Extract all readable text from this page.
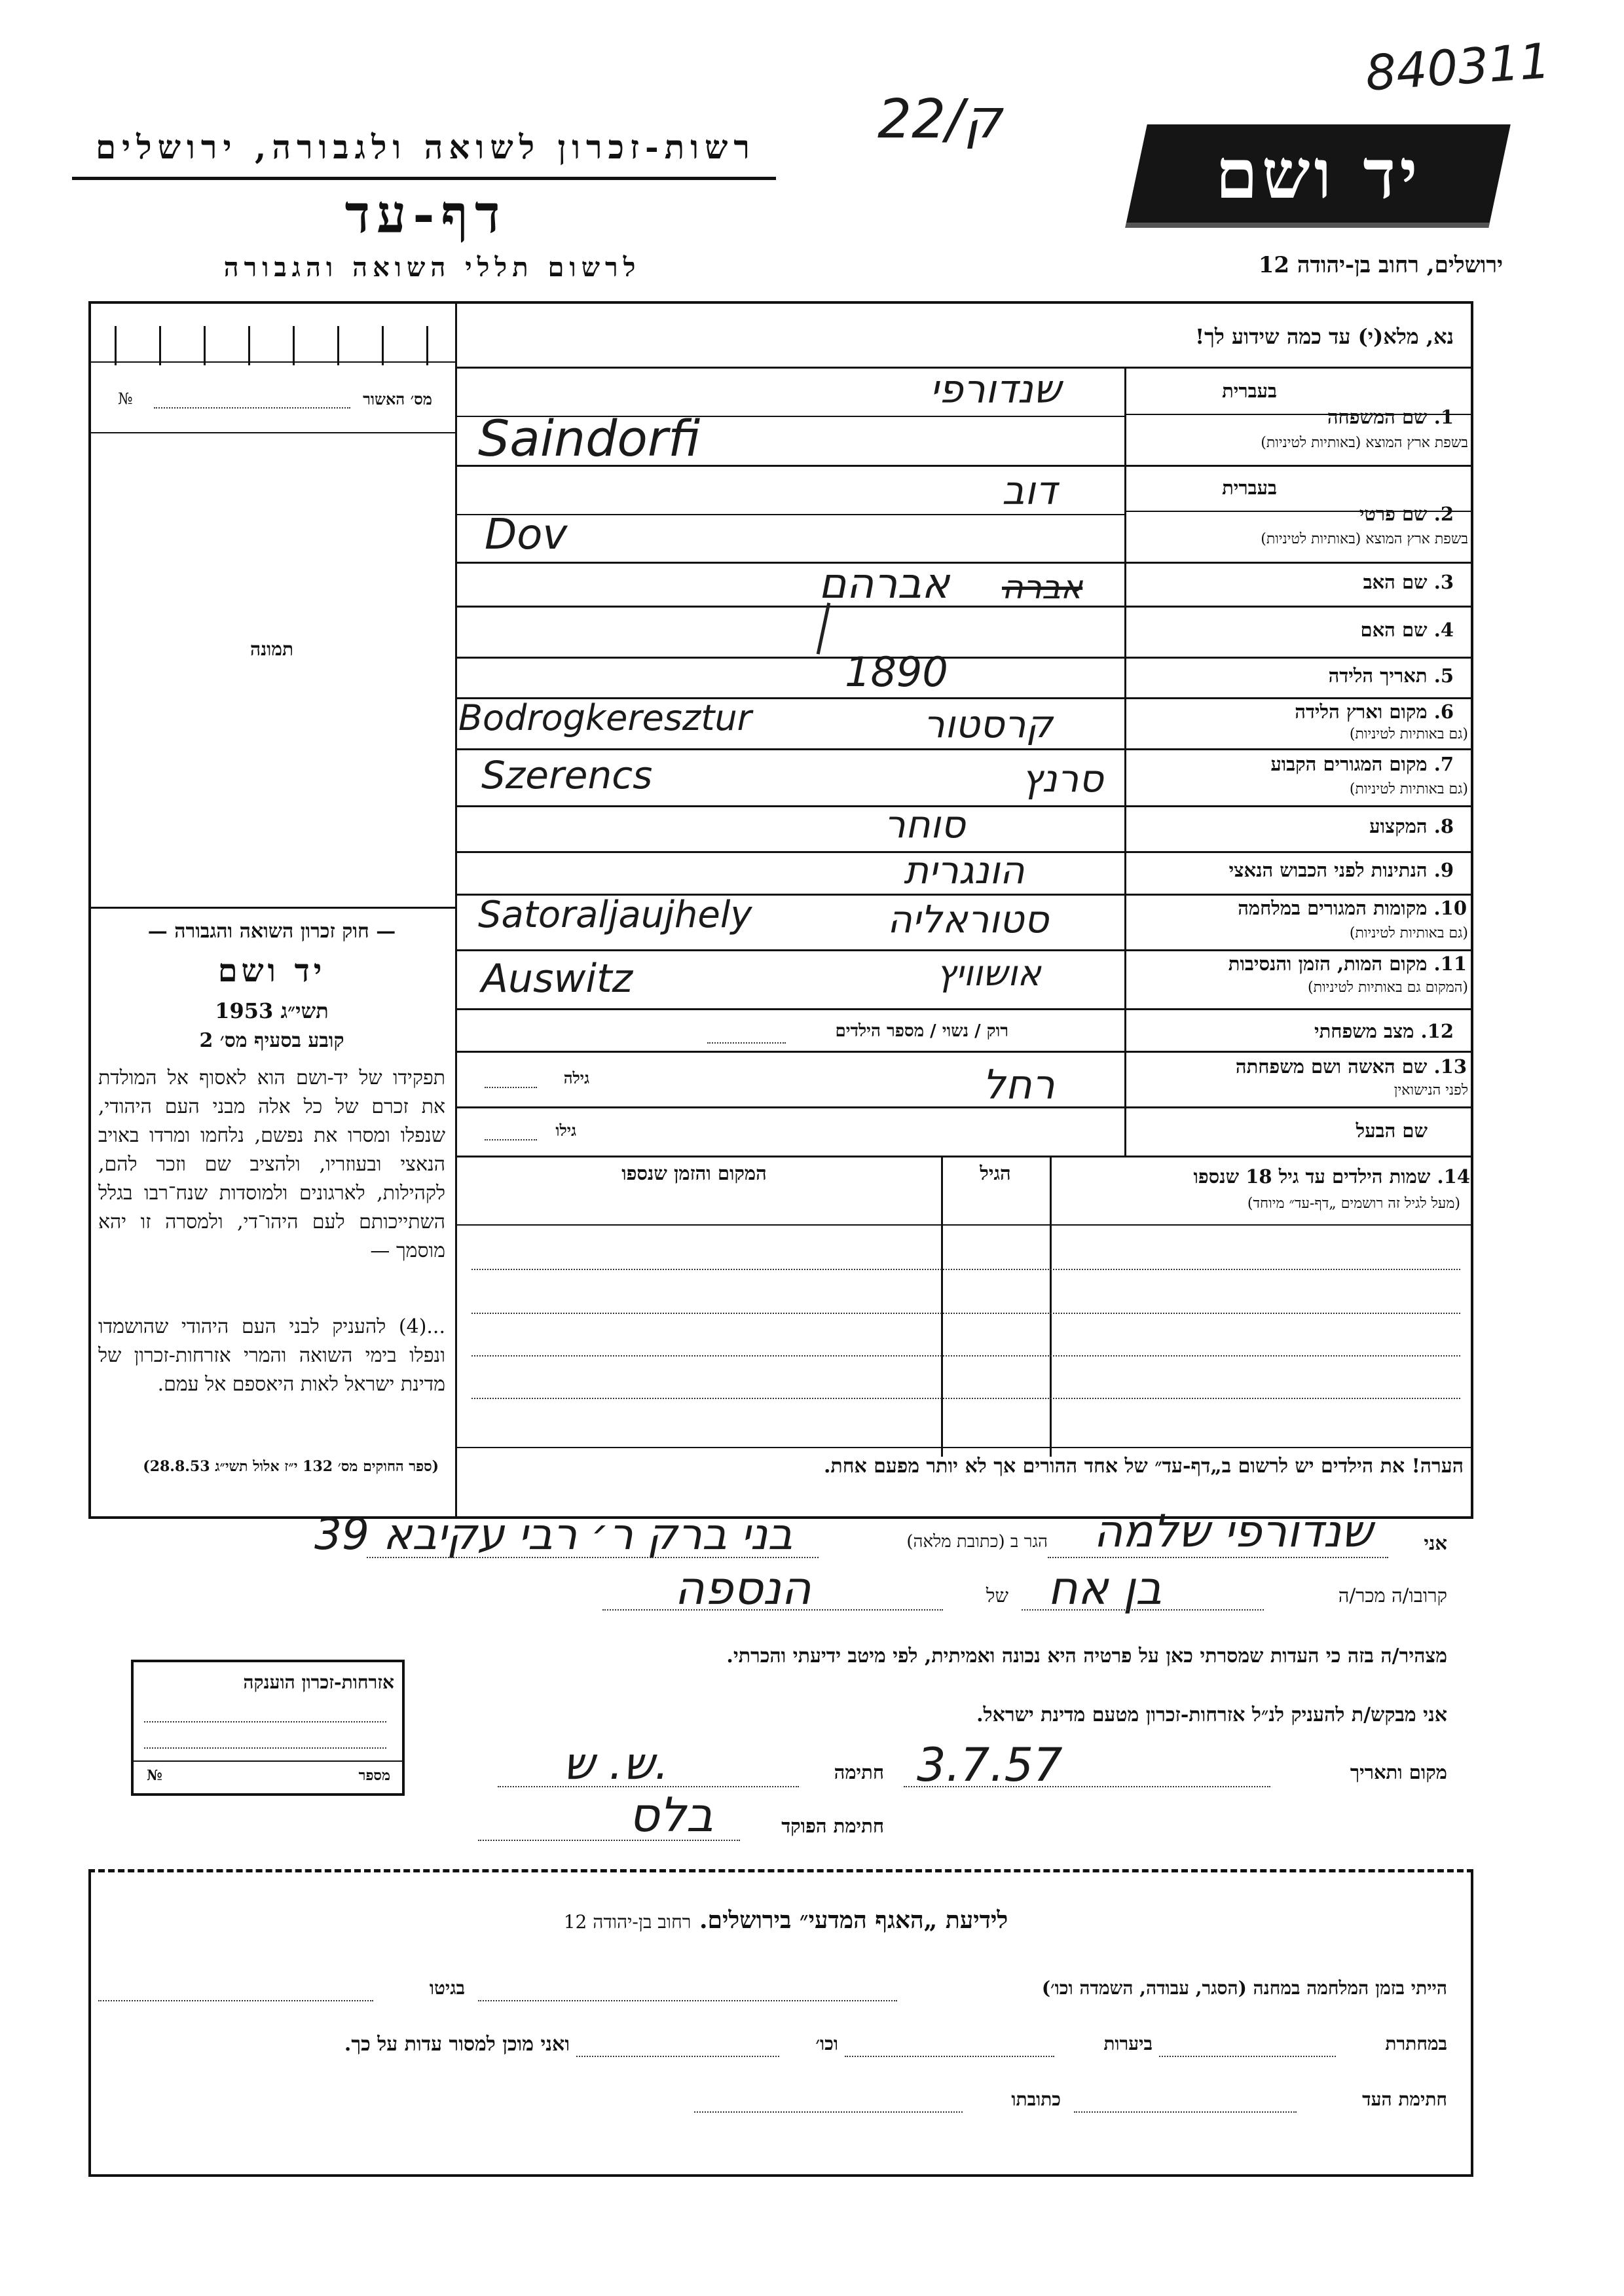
840311
22/ק
רשות-זכרון לשואה ולגבורה, ירושלים
דף-עד
לרשום תללי השואה והגבורה
יד ושם
ירושלים, רחוב בן-יהודה 12
מס׳ האשור
№
תמונה
נא, מלא(י) עד כמה שידוע לך!
בעברית
1. שם המשפחה
בשפת ארץ המוצא (באותיות לטיניות)
שנדורפי
Saindorfi
בעברית
2. שם פרטי
בשפת ארץ המוצא (באותיות לטיניות)
דוב
Dov
3. שם האב
אברהם אברה
4. שם האם
5. תאריך הלידה
1890
6. מקום וארץ הלידה
(גם באותיות לטיניות)
קרסטור
Bodrogkeresztur
7. מקום המגורים הקבוע
(גם באותיות לטיניות)
סרנץ
Szerencs
8. המקצוע
סוחר
9. הנתינות לפני הכבוש הנאצי
הונגרית
10. מקומות המגורים במלחמה
(גם באותיות לטיניות)
סטוראליה
Satoraljaujhely
11. מקום המות, הזמן והנסיבות
(המקום גם באותיות לטיניות)
אושוויץ
Auswitz
12. מצב משפחתי
רוק / נשוי / מספר הילדים
13. שם האשה ושם משפחתה
לפני הנישואין
רחל
גילה
שם הבעל
גילו
14. שמות הילדים עד גיל 18 שנספו
(מעל לגיל זה רושמים „דף-עד״ מיוחד)
הגיל
המקום והזמן שנספו
הערה! את הילדים יש לרשום ב„דף-עד״ של אחד ההורים אך לא יותר מפעם אחת.
— חוק זכרון השואה והגבורה —
יד ושם
תשי״ג 1953
קובע בסעיף מס׳ 2
תפקידו של יד-ושם הוא לאסוף אל המולדת את זכרם של כל אלה מבני העם היהודי, שנפלו ומסרו את נפשם, נלחמו ומרדו באויב הנאצי ובעוזריו, ולהציב שם וזכר להם, לקהילות, לארגונים ולמוסדות שנח־רבו בגלל השתייכותם לעם היהו־די, ולמסרה זו יהא מוסמך —
...(4) להעניק לבני העם היהודי שהושמדו ונפלו בימי השואה והמרי אזרחות-זכרון של מדינת ישראל לאות היאספם אל עמם.
(ספר החוקים מס׳ 132 י״ז אלול תשי״ג 28.8.53)
אני
שנדורפי שלמה
הגר ב (כתובת מלאה)
בני ברק ר׳ רבי עקיבא 39
קרובו/ה מכר/ה
בן אח
של
הנספה
מצהיר/ה בזה כי העדות שמסרתי כאן על פרטיה היא נכונה ואמיתית, לפי מיטב ידיעתי והכרתי.
אני מבקש/ת להעניק לנ״ל אזרחות-זכרון מטעם מדינת ישראל.
מקום ותאריך
3.7.57
חתימה
ש. ש.
חתימת הפוקד
בלס
אזרחות-זכרון הוענקה
מספר
№
לידיעת „האגף המדעי״ בירושלים. רחוב בן-יהודה 12
הייתי בזמן המלחמה במחנה (הסגר, עבודה, השמדה וכו׳)
בגיטו
במחתרת
ביערות
וכו׳
ואני מוכן למסור עדות על כך.
חתימת העד
כתובתו
